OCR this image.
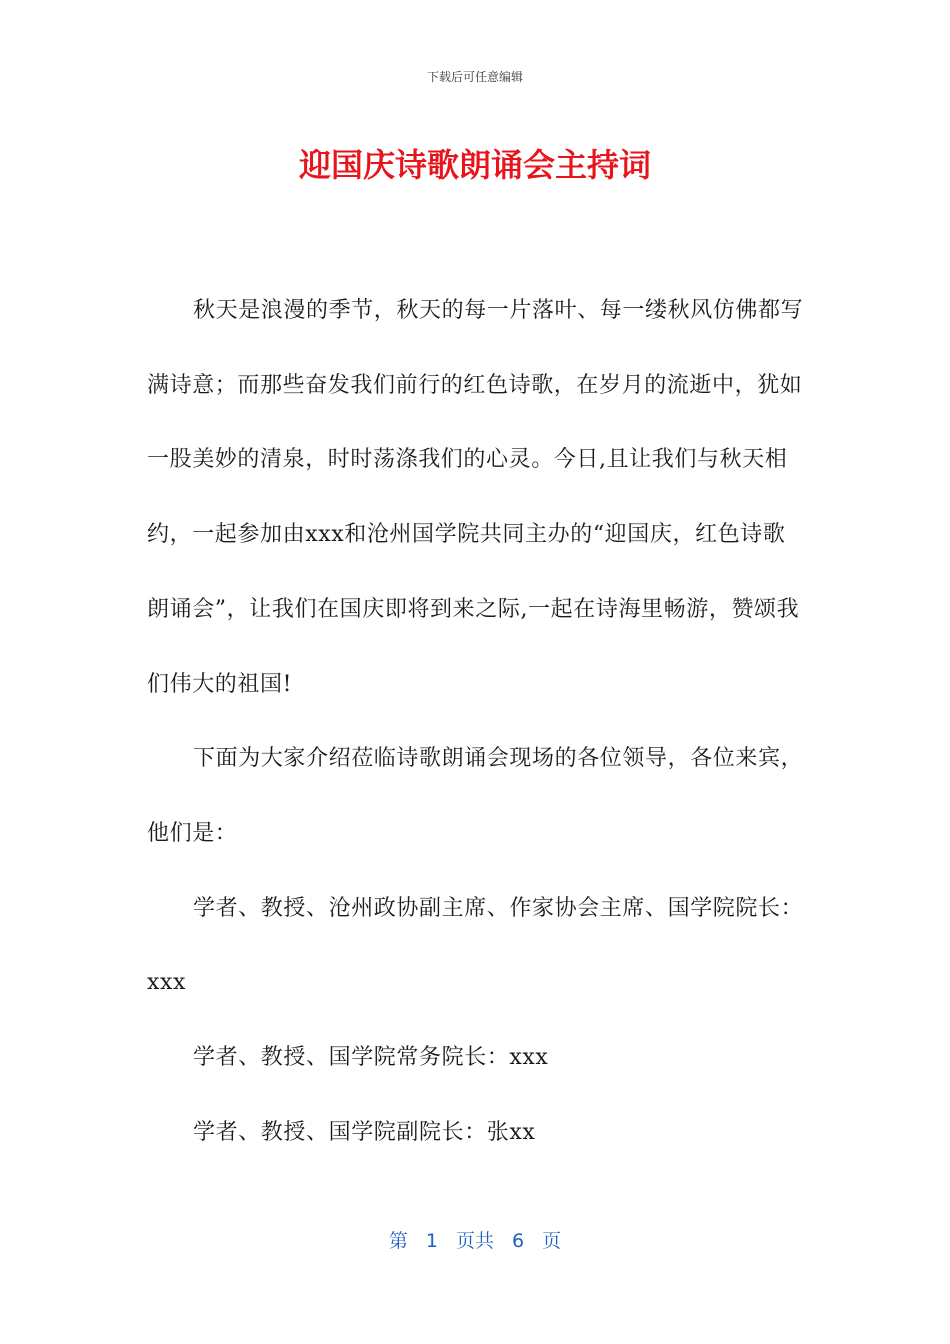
下载后可任意编辑
迎国庆诗歌朗诵会主持词

秋天是浪漫的季节，秋天的每一片落叶、每一缕秋风仿佛都写满诗意；而那些奋发我们前行的红色诗歌，在岁月的流逝中，犹如一股美妙的清泉，时时荡涤我们的心灵。今日,且让我们与秋天相约，一起参加由xxx和沧州国学院共同主办的“迎国庆，红色诗歌朗诵会”，让我们在国庆即将到来之际,一起在诗海里畅游，赞颂我们伟大的祖国!

下面为大家介绍莅临诗歌朗诵会现场的各位领导，各位来宾，他们是：

学者、教授、沧州政协副主席、作家协会主席、国学院院长：xxx

学者、教授、国学院常务院长：xxx

学者、教授、国学院副院长：张xx

第 1 页共 6 页
